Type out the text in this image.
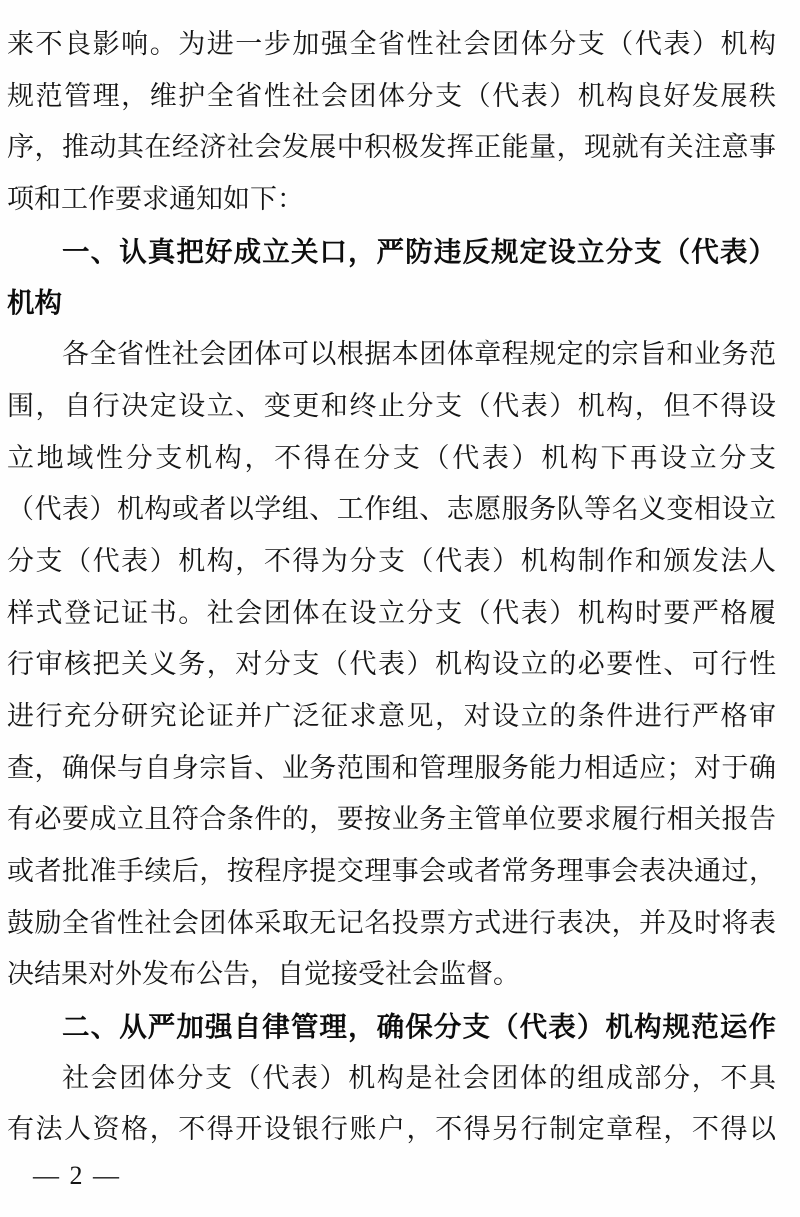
来不良影响。为进一步加强全省性社会团体分支（代表）机构
规范管理，维护全省性社会团体分支（代表）机构良好发展秩
序，推动其在经济社会发展中积极发挥正能量，现就有关注意事
项和工作要求通知如下：
一、认真把好成立关口，严防违反规定设立分支（代表）
机构
各全省性社会团体可以根据本团体章程规定的宗旨和业务范
围，自行决定设立、变更和终止分支（代表）机构，但不得设
立地域性分支机构，不得在分支（代表）机构下再设立分支
（代表）机构或者以学组、工作组、志愿服务队等名义变相设立
分支（代表）机构，不得为分支（代表）机构制作和颁发法人
样式登记证书。社会团体在设立分支（代表）机构时要严格履
行审核把关义务，对分支（代表）机构设立的必要性、可行性
进行充分研究论证并广泛征求意见，对设立的条件进行严格审
查，确保与自身宗旨、业务范围和管理服务能力相适应；对于确
有必要成立且符合条件的，要按业务主管单位要求履行相关报告
或者批准手续后，按程序提交理事会或者常务理事会表决通过，
鼓励全省性社会团体采取无记名投票方式进行表决，并及时将表
决结果对外发布公告，自觉接受社会监督。
二、从严加强自律管理，确保分支（代表）机构规范运作
社会团体分支（代表）机构是社会团体的组成部分，不具
有法人资格，不得开设银行账户，不得另行制定章程，不得以
— 2 —
